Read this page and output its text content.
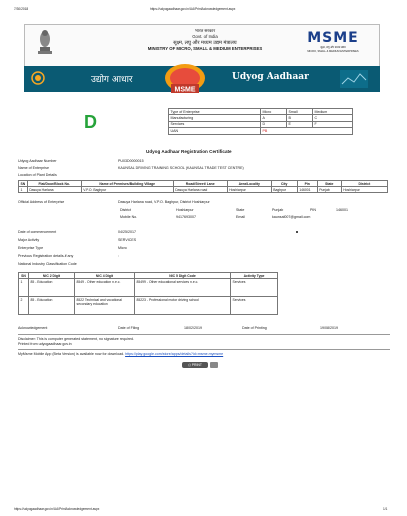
7/30/2018	https://udyogaadhaar.gov.in/UA/PrintAcknowledgement.aspx
भारत सरकार
Govt. of India
सूक्ष्म, लघु और मध्यम उद्यम मंत्रालय
MINISTRY OF MICRO, SMALL & MEDIUM ENTERPRISES
MSME
सूक्ष्म, लघु और मध्यम उद्यम
MICRO, SMALL & MEDIUM ENTERPRISES
उद्योग आधार
MSME
Udyog Aadhaar
D
Type of Enterprise	Micro	Small	Medium
Manufacturing	A	B	C
Services	D	E	F
UAN	PB		
Udyog Aadhaar Registration Certificate
Udyog Aadhaar Number	PU03D0000015
Name of Enterprise	KAUNSAL DRIVING TRAINING SCHOOL (KAUNSAL TRADE TEST CENTRE)
Location of Plant Details
SN	Flat/Door/Block No.	Name of Premises/Building Village	Road/Street/ Lane	Area/Locality	City	Pin	State	District
1	Dasuya Harlana	V.P.O. Baghpur	Dasuya Harlana road	Hoshiarpur	Baghpur	146001	Punjab	Hoshiarpur
Official Address of Enterprise	Dasuya Harlana road, V.P.O. Baghpur, District Hoshiarpur
District	Hoshiarpur	State	Punjab	PIN	146001
Mobile No.	9417693007	Email	kaunsal007@gmail.com
Date of commencement	04/25/2017
Major Activity	SERVICES
Enterprise Type	Micro
Previous Registration details-if any	:
National Industry Classification Code
SN	NIC 2 Digit	NIC 4 Digit	NIC 5 Digit Code	Activity Type
1	85 - Education	8549 - Other education n.e.c.	85499 - Other educational services n.e.c.	Services
2	85 - Education	8522 Technical and vocational secondary education	85223 - Professional motor driving school	Services
Acknowledgement	Date of Filing	18/02/2019	Date of Printing	19/08/2019
Disclaimer: This is computer generated statement, no signature required.
Printed from udyogaadhaar.gov.in
MyMsme Mobile App (Beta Version) is available now for download. https://play.google.com/store/apps/details?id=msme.mymsme
⎙ PRINT
https://udyogaadhaar.gov.in/UA/PrintAcknowledgement.aspx	1/1
